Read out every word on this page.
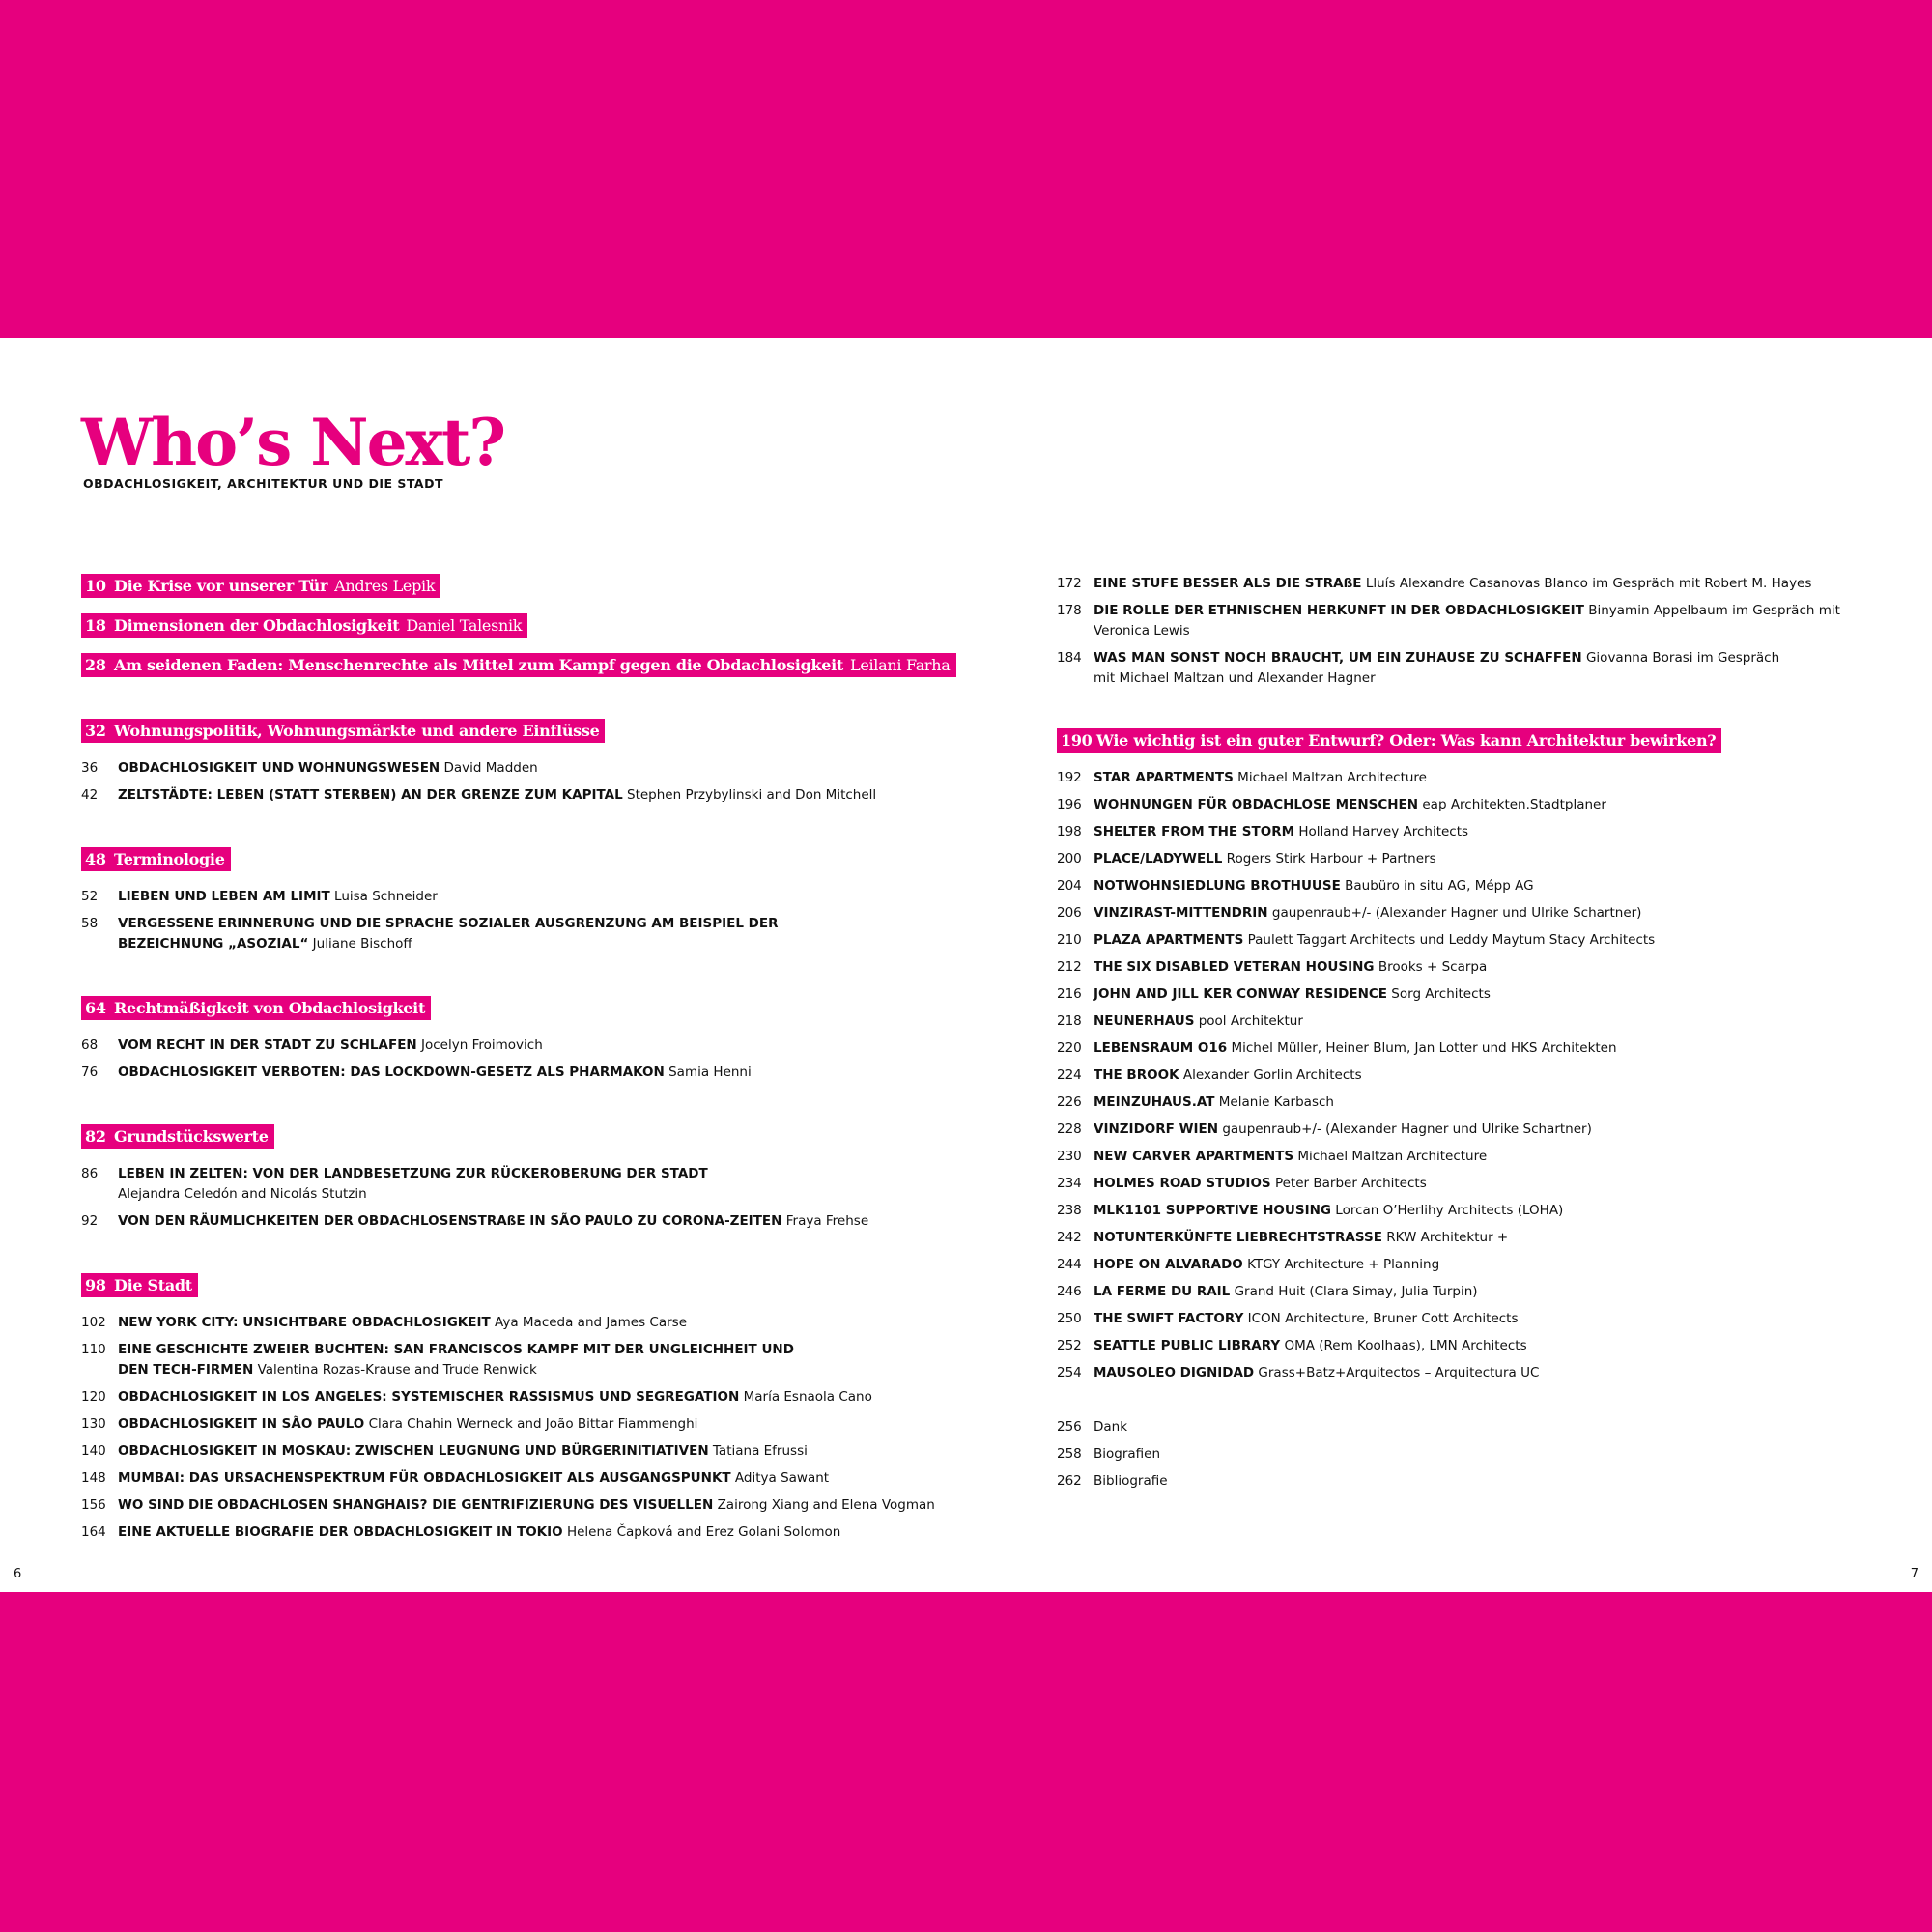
Who’s Next?
OBDACHLOSIGKEIT, ARCHITEKTUR UND DIE STADT
10 Die Krise vor unserer Tür Andres Lepik
18 Dimensionen der Obdachlosigkeit Daniel Talesnik
28 Am seidenen Faden: Menschenrechte als Mittel zum Kampf gegen die Obdachlosigkeit Leilani Farha
32 Wohnungspolitik, Wohnungsmärkte und andere Einflüsse
36	OBDACHLOSIGKEIT UND WOHNUNGSWESEN David Madden
42	ZELTSTÄDTE: LEBEN (STATT STERBEN) AN DER GRENZE ZUM KAPITAL Stephen Przybylinski and Don Mitchell
48 Terminologie
52	LIEBEN UND LEBEN AM LIMIT Luisa Schneider
58	VERGESSENE ERINNERUNG UND DIE SPRACHE SOZIALER AUSGRENZUNG AM BEISPIEL DER BEZEICHNUNG „ASOZIAL“ Juliane Bischoff
64 Rechtmäßigkeit von Obdachlosigkeit
68	VOM RECHT IN DER STADT ZU SCHLAFEN Jocelyn Froimovich
76	OBDACHLOSIGKEIT VERBOTEN: DAS LOCKDOWN-GESETZ ALS PHARMAKON Samia Henni
82 Grundstückswerte
86	LEBEN IN ZELTEN: VON DER LANDBESETZUNG ZUR RÜCKEROBERUNG DER STADT
Alejandra Celedón and Nicolás Stutzin
92	VON DEN RÄUMLICHKEITEN DER OBDACHLOSENSTRAßE IN SÃO PAULO ZU CORONA-ZEITEN Fraya Frehse
98 Die Stadt
102 NEW YORK CITY: UNSICHTBARE OBDACHLOSIGKEIT Aya Maceda and James Carse
110 EINE GESCHICHTE ZWEIER BUCHTEN: SAN FRANCISCOS KAMPF MIT DER UNGLEICHHEIT UND DEN TECH-FIRMEN Valentina Rozas-Krause and Trude Renwick
120 OBDACHLOSIGKEIT IN LOS ANGELES: SYSTEMISCHER RASSISMUS UND SEGREGATION María Esnaola Cano
130 OBDACHLOSIGKEIT IN SÃO PAULO Clara Chahin Werneck and João Bittar Fiammenghi
140 OBDACHLOSIGKEIT IN MOSKAU: ZWISCHEN LEUGNUNG UND BÜRGERINITIATIVEN Tatiana Efrussi
148 MUMBAI: DAS URSACHENSPEKTRUM FÜR OBDACHLOSIGKEIT ALS AUSGANGSPUNKT Aditya Sawant
156 WO SIND DIE OBDACHLOSEN SHANGHAIS? DIE GENTRIFIZIERUNG DES VISUELLEN Zairong Xiang and Elena Vogman
164 EINE AKTUELLE BIOGRAFIE DER OBDACHLOSIGKEIT IN TOKIO Helena Čapková and Erez Golani Solomon
172 EINE STUFE BESSER ALS DIE STRAßE Lluís Alexandre Casanovas Blanco im Gespräch mit Robert M. Hayes
178 DIE ROLLE DER ETHNISCHEN HERKUNFT IN DER OBDACHLOSIGKEIT Binyamin Appelbaum im Gespräch mit Veronica Lewis
184 WAS MAN SONST NOCH BRAUCHT, UM EIN ZUHAUSE ZU SCHAFFEN Giovanna Borasi im Gespräch mit Michael Maltzan und Alexander Hagner
190 Wie wichtig ist ein guter Entwurf? Oder: Was kann Architektur bewirken?
192 STAR APARTMENTS Michael Maltzan Architecture
196 WOHNUNGEN FÜR OBDACHLOSE MENSCHEN eap Architekten.Stadtplaner
198 SHELTER FROM THE STORM Holland Harvey Architects
200 PLACE/LADYWELL Rogers Stirk Harbour + Partners
204 NOTWOHNSIEDLUNG BROTHUUSE Baubüro in situ AG, Mépp AG
206 VINZIRAST-MITTENDRIN gaupenraub+/- (Alexander Hagner und Ulrike Schartner)
210 PLAZA APARTMENTS Paulett Taggart Architects und Leddy Maytum Stacy Architects
212 THE SIX DISABLED VETERAN HOUSING Brooks + Scarpa
216 JOHN AND JILL KER CONWAY RESIDENCE Sorg Architects
218 NEUNERHAUS pool Architektur
220 LEBENSRAUM O16 Michel Müller, Heiner Blum, Jan Lotter und HKS Architekten
224 THE BROOK Alexander Gorlin Architects
226 MEINZUHAUS.AT Melanie Karbasch
228 VINZIDORF WIEN gaupenraub+/- (Alexander Hagner und Ulrike Schartner)
230 NEW CARVER APARTMENTS Michael Maltzan Architecture
234 HOLMES ROAD STUDIOS Peter Barber Architects
238 MLK1101 SUPPORTIVE HOUSING Lorcan O’Herlihy Architects (LOHA)
242 NOTUNTERKÜNFTE LIEBRECHTSTRASSE RKW Architektur +
244 HOPE ON ALVARADO KTGY Architecture + Planning
246 LA FERME DU RAIL Grand Huit (Clara Simay, Julia Turpin)
250 THE SWIFT FACTORY ICON Architecture, Bruner Cott Architects
252 SEATTLE PUBLIC LIBRARY OMA (Rem Koolhaas), LMN Architects
254 MAUSOLEO DIGNIDAD Grass+Batz+Arquitectos – Arquitectura UC
256 Dank
258 Biografien
262 Bibliografie
6	7
